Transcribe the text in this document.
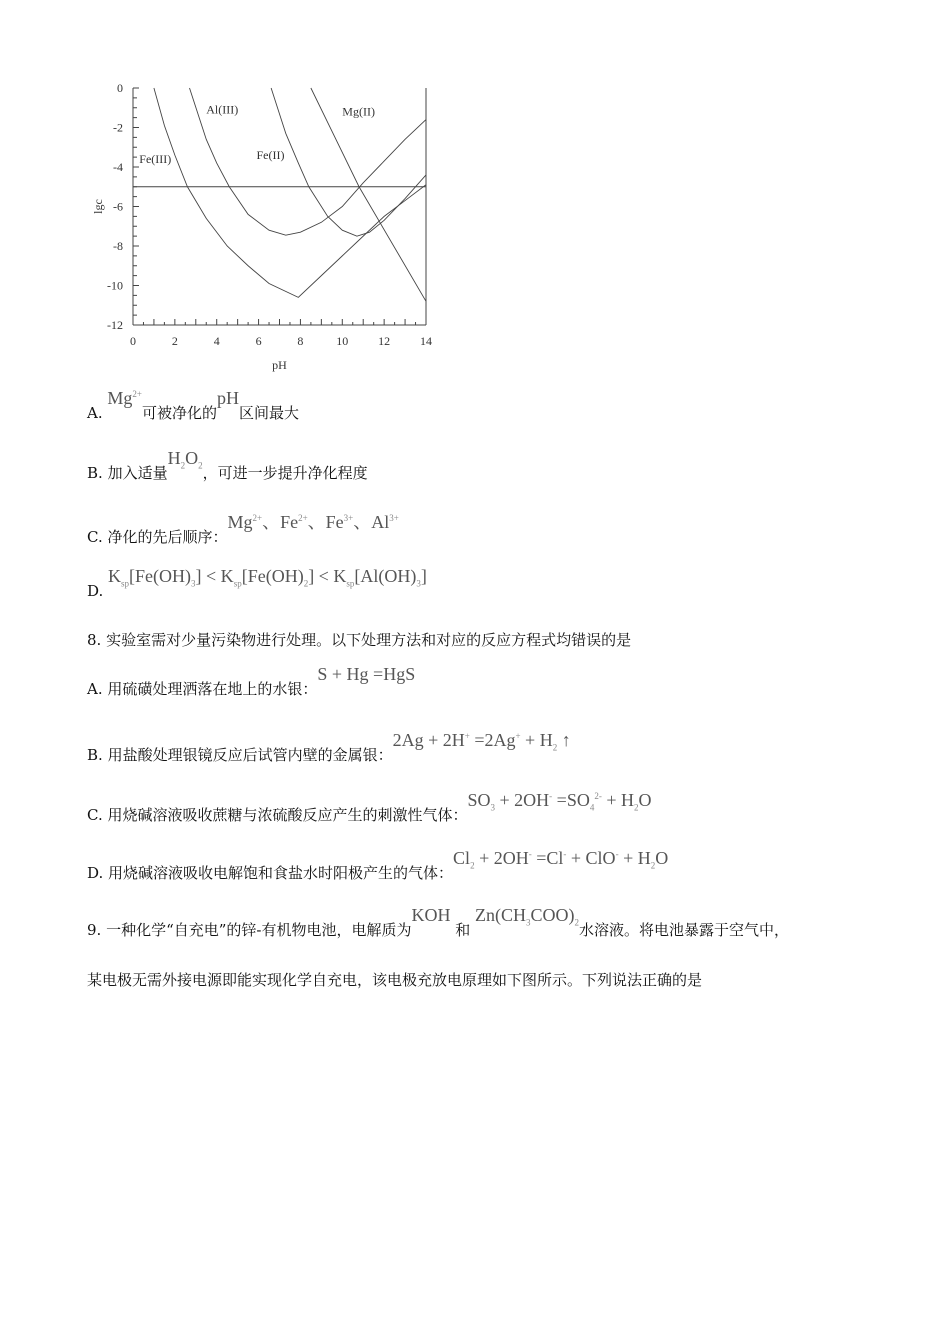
0	2	4	6	8	10 12 14
0
-2
-4
-6
-8
-10
-12
pH
lgc
Fe(III)
Al(III)
Fe(II)
Mg(II)
A. $Mg^{2+}$可被净化的pH区间最大
B. 加入适量$H_2O_2$，可进一步提升净化程度
C. 净化的先后顺序：$Mg^{2+}$、$Fe^{2+}$、$Fe^{3+}$、$Al^{3+}$
D. $K_{sp}[Fe(OH)_3] < K_{sp}[Fe(OH)_2] < K_{sp}[Al(OH)_3]$
8. 实验室需对少量污染物进行处理。以下处理方法和对应的反应方程式均错误的是
A. 用硫磺处理洒落在地上的水银：S + Hg =HgS
B. 用盐酸处理银镜反应后试管内壁的金属银：$2Ag + 2H^+ =2Ag^+ + H_2$ ↑
C. 用烧碱溶液吸收蔗糖与浓硫酸反应产生的刺激性气体：$SO_3 + 2OH^- =SO_4^{2-} + H_2O$
D. 用烧碱溶液吸收电解饱和食盐水时阳极产生的气体：$Cl_2 + 2OH^- =Cl^- + ClO^- + H_2O$
9. 一种化学“自充电”的锌-有机物电池，电解质为KOH 和 $Zn(CH_3COO)_2$水溶液。将电池暴露于空气中，
某电极无需外接电源即能实现化学自充电，该电极充放电原理如下图所示。下列说法正确的是
